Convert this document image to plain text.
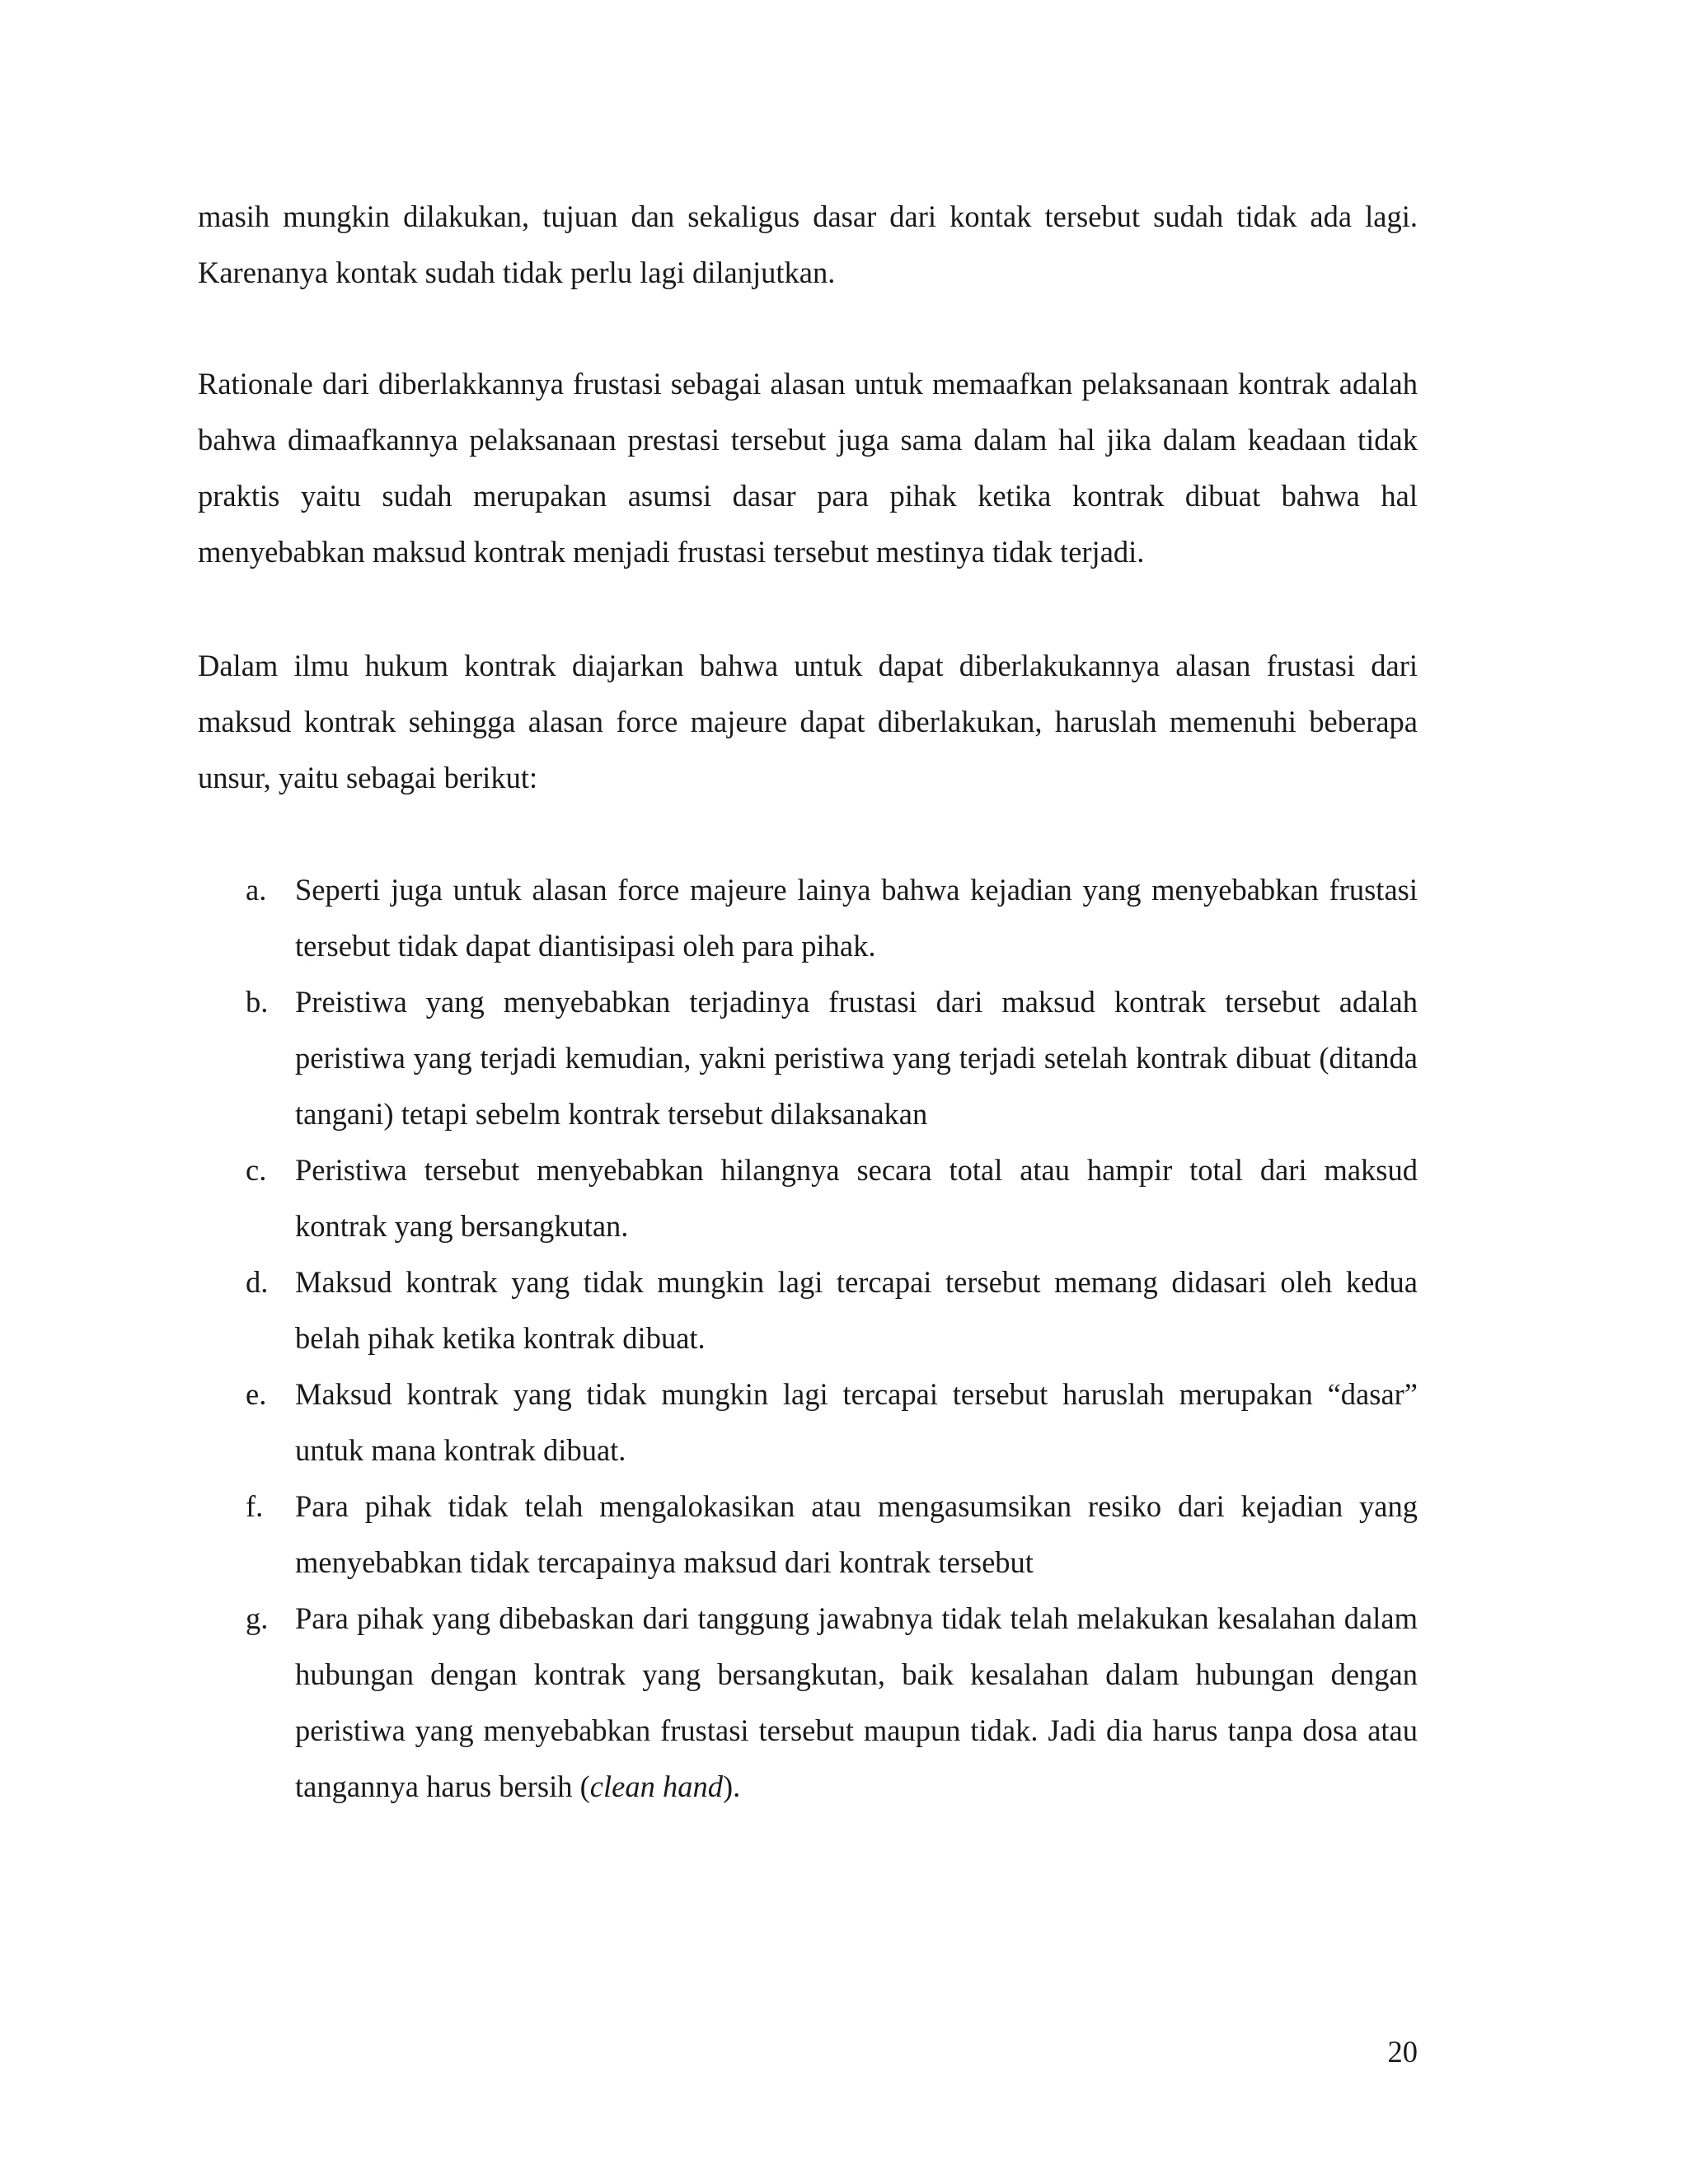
masih mungkin dilakukan, tujuan dan sekaligus dasar dari kontak tersebut sudah tidak ada lagi. Karenanya kontak sudah tidak perlu lagi dilanjutkan.

Rationale dari diberlakkannya frustasi sebagai alasan untuk memaafkan pelaksanaan kontrak adalah bahwa dimaafkannya pelaksanaan prestasi tersebut juga sama dalam hal jika dalam keadaan tidak praktis yaitu sudah merupakan asumsi dasar para pihak ketika kontrak dibuat bahwa hal menyebabkan maksud kontrak menjadi frustasi tersebut mestinya tidak terjadi.

Dalam ilmu hukum kontrak diajarkan bahwa untuk dapat diberlakukannya alasan frustasi dari maksud kontrak sehingga alasan force majeure dapat diberlakukan, haruslah memenuhi beberapa unsur, yaitu sebagai berikut:

a. Seperti juga untuk alasan force majeure lainya bahwa kejadian yang menyebabkan frustasi tersebut tidak dapat diantisipasi oleh para pihak.
b. Preistiwa yang menyebabkan terjadinya frustasi dari maksud kontrak tersebut adalah peristiwa yang terjadi kemudian, yakni peristiwa yang terjadi setelah kontrak dibuat (ditanda tangani) tetapi sebelm kontrak tersebut dilaksanakan
c. Peristiwa tersebut menyebabkan hilangnya secara total atau hampir total dari maksud kontrak yang bersangkutan.
d. Maksud kontrak yang tidak mungkin lagi tercapai tersebut memang didasari oleh kedua belah pihak ketika kontrak dibuat.
e. Maksud kontrak yang tidak mungkin lagi tercapai tersebut haruslah merupakan “dasar” untuk mana kontrak dibuat.
f. Para pihak tidak telah mengalokasikan atau mengasumsikan resiko dari kejadian yang menyebabkan tidak tercapainya maksud dari kontrak tersebut
g. Para pihak yang dibebaskan dari tanggung jawabnya tidak telah melakukan kesalahan dalam hubungan dengan kontrak yang bersangkutan, baik kesalahan dalam hubungan dengan peristiwa yang menyebabkan frustasi tersebut maupun tidak. Jadi dia harus tanpa dosa atau tangannya harus bersih (clean hand).
20
